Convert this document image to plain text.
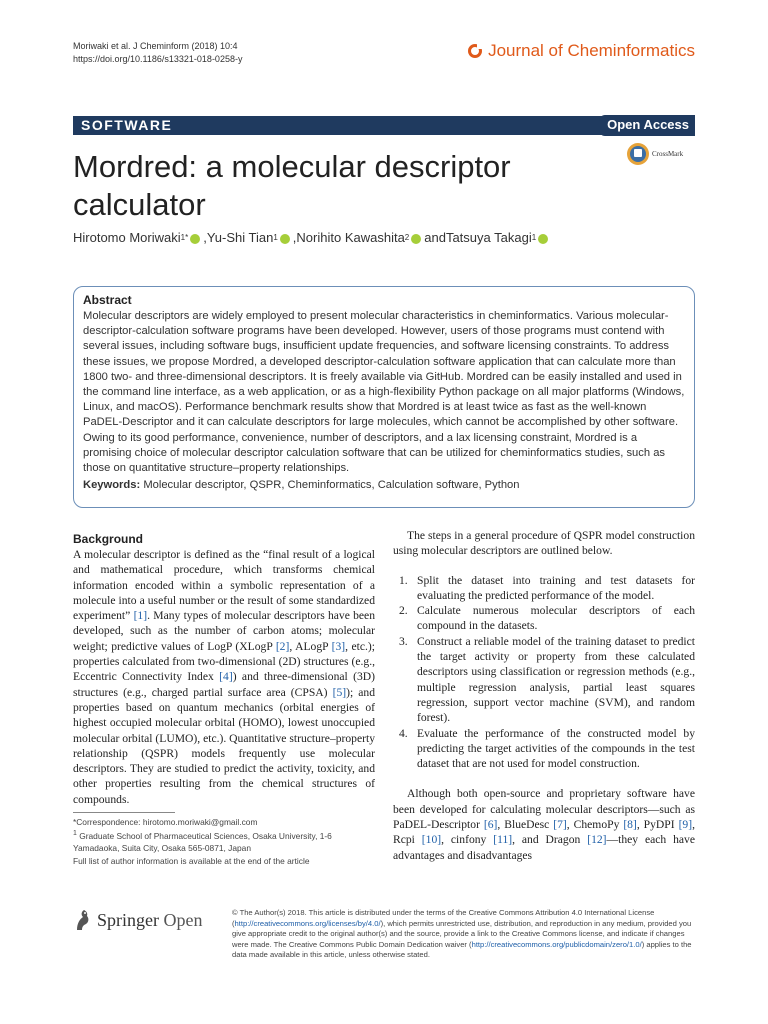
Moriwaki et al. J Cheminform (2018) 10:4
https://doi.org/10.1186/s13321-018-0258-y	Journal of Cheminformatics
SOFTWARE	Open Access
CrossMark
Mordred: a molecular descriptor calculator
Hirotomo Moriwaki 1* , Yu‑Shi Tian 1 , Norihito Kawashita 2 and Tatsuya Takagi 1
Abstract

Molecular descriptors are widely employed to present molecular characteristics in cheminformatics. Various molecular-descriptor-calculation software programs have been developed. However, users of those programs must contend with several issues, including software bugs, insufficient update frequencies, and software licensing constraints. To address these issues, we propose Mordred, a developed descriptor-calculation software application that can calculate more than 1800 two- and three-dimensional descriptors. It is freely available via GitHub. Mordred can be easily installed and used in the command line interface, as a web application, or as a high-flexibility Python package on all major platforms (Windows, Linux, and macOS). Performance benchmark results show that Mordred is at least twice as fast as the well-known PaDEL-Descriptor and it can calculate descriptors for large molecules, which cannot be accomplished by other software. Owing to its good performance, convenience, number of descriptors, and a lax licensing constraint, Mordred is a promising choice of molecular descriptor calculation software that can be utilized for cheminformatics studies, such as those on quantitative structure–property relationships.

Keywords: Molecular descriptor, QSPR, Cheminformatics, Calculation software, Python
Background

A molecular descriptor is defined as the “final result of a logical and mathematical procedure, which transforms chemical information encoded within a symbolic representation of a molecule into a useful number or the result of some standardized experiment” [1]. Many types of molecular descriptors have been developed, such as the number of carbon atoms; molecular weight; predictive values of LogP (XLogP [2], ALogP [3], etc.); properties calculated from two-dimensional (2D) structures (e.g., Eccentric Connectivity Index [4]) and three-dimensional (3D) structures (e.g., charged partial surface area (CPSA) [5]); and properties based on quantum mechanics (orbital energies of highest occupied molecular orbital (HOMO), lowest unoccupied molecular orbital (LUMO), etc.). Quantitative structure–property relationship (QSPR) models frequently use molecular descriptors. They are studied to predict the activity, toxicity, and other properties resulting from the chemical structures of compounds.

The steps in a general procedure of QSPR model construction using molecular descriptors are outlined below.

1. Split the dataset into training and test datasets for evaluating the predicted performance of the model.
2. Calculate numerous molecular descriptors of each compound in the datasets.
3. Construct a reliable model of the training dataset to predict the target activity or property from these calculated descriptors using classification or regression methods (e.g., multiple regression analysis, partial least squares regression, support vector machine (SVM), and random forest).
4. Evaluate the performance of the constructed model by predicting the target activities of the compounds in the test dataset that are not used for model construction.

Although both open-source and proprietary software have been developed for calculating molecular descriptors—such as PaDEL-Descriptor [6], BlueDesc [7], ChemoPy [8], PyDPI [9], Rcpi [10], cinfony [11], and Dragon [12]—they each have advantages and disadvantages

*Correspondence: hirotomo.moriwaki@gmail.com
$^1$ Graduate School of Pharmaceutical Sciences, Osaka University, 1-6 Yamadaoka, Suita City, Osaka 565-0871, Japan
Full list of author information is available at the end of the article
Springer Open	© The Author(s) 2018. This article is distributed under the terms of the Creative Commons Attribution 4.0 International License (http://creativecommons.org/licenses/by/4.0/), which permits unrestricted use, distribution, and reproduction in any medium, provided you give appropriate credit to the original author(s) and the source, provide a link to the Creative Commons license, and indicate if changes were made. The Creative Commons Public Domain Dedication waiver (http://creativecommons.org/publicdomain/zero/1.0/) applies to the data made available in this article, unless otherwise stated.
